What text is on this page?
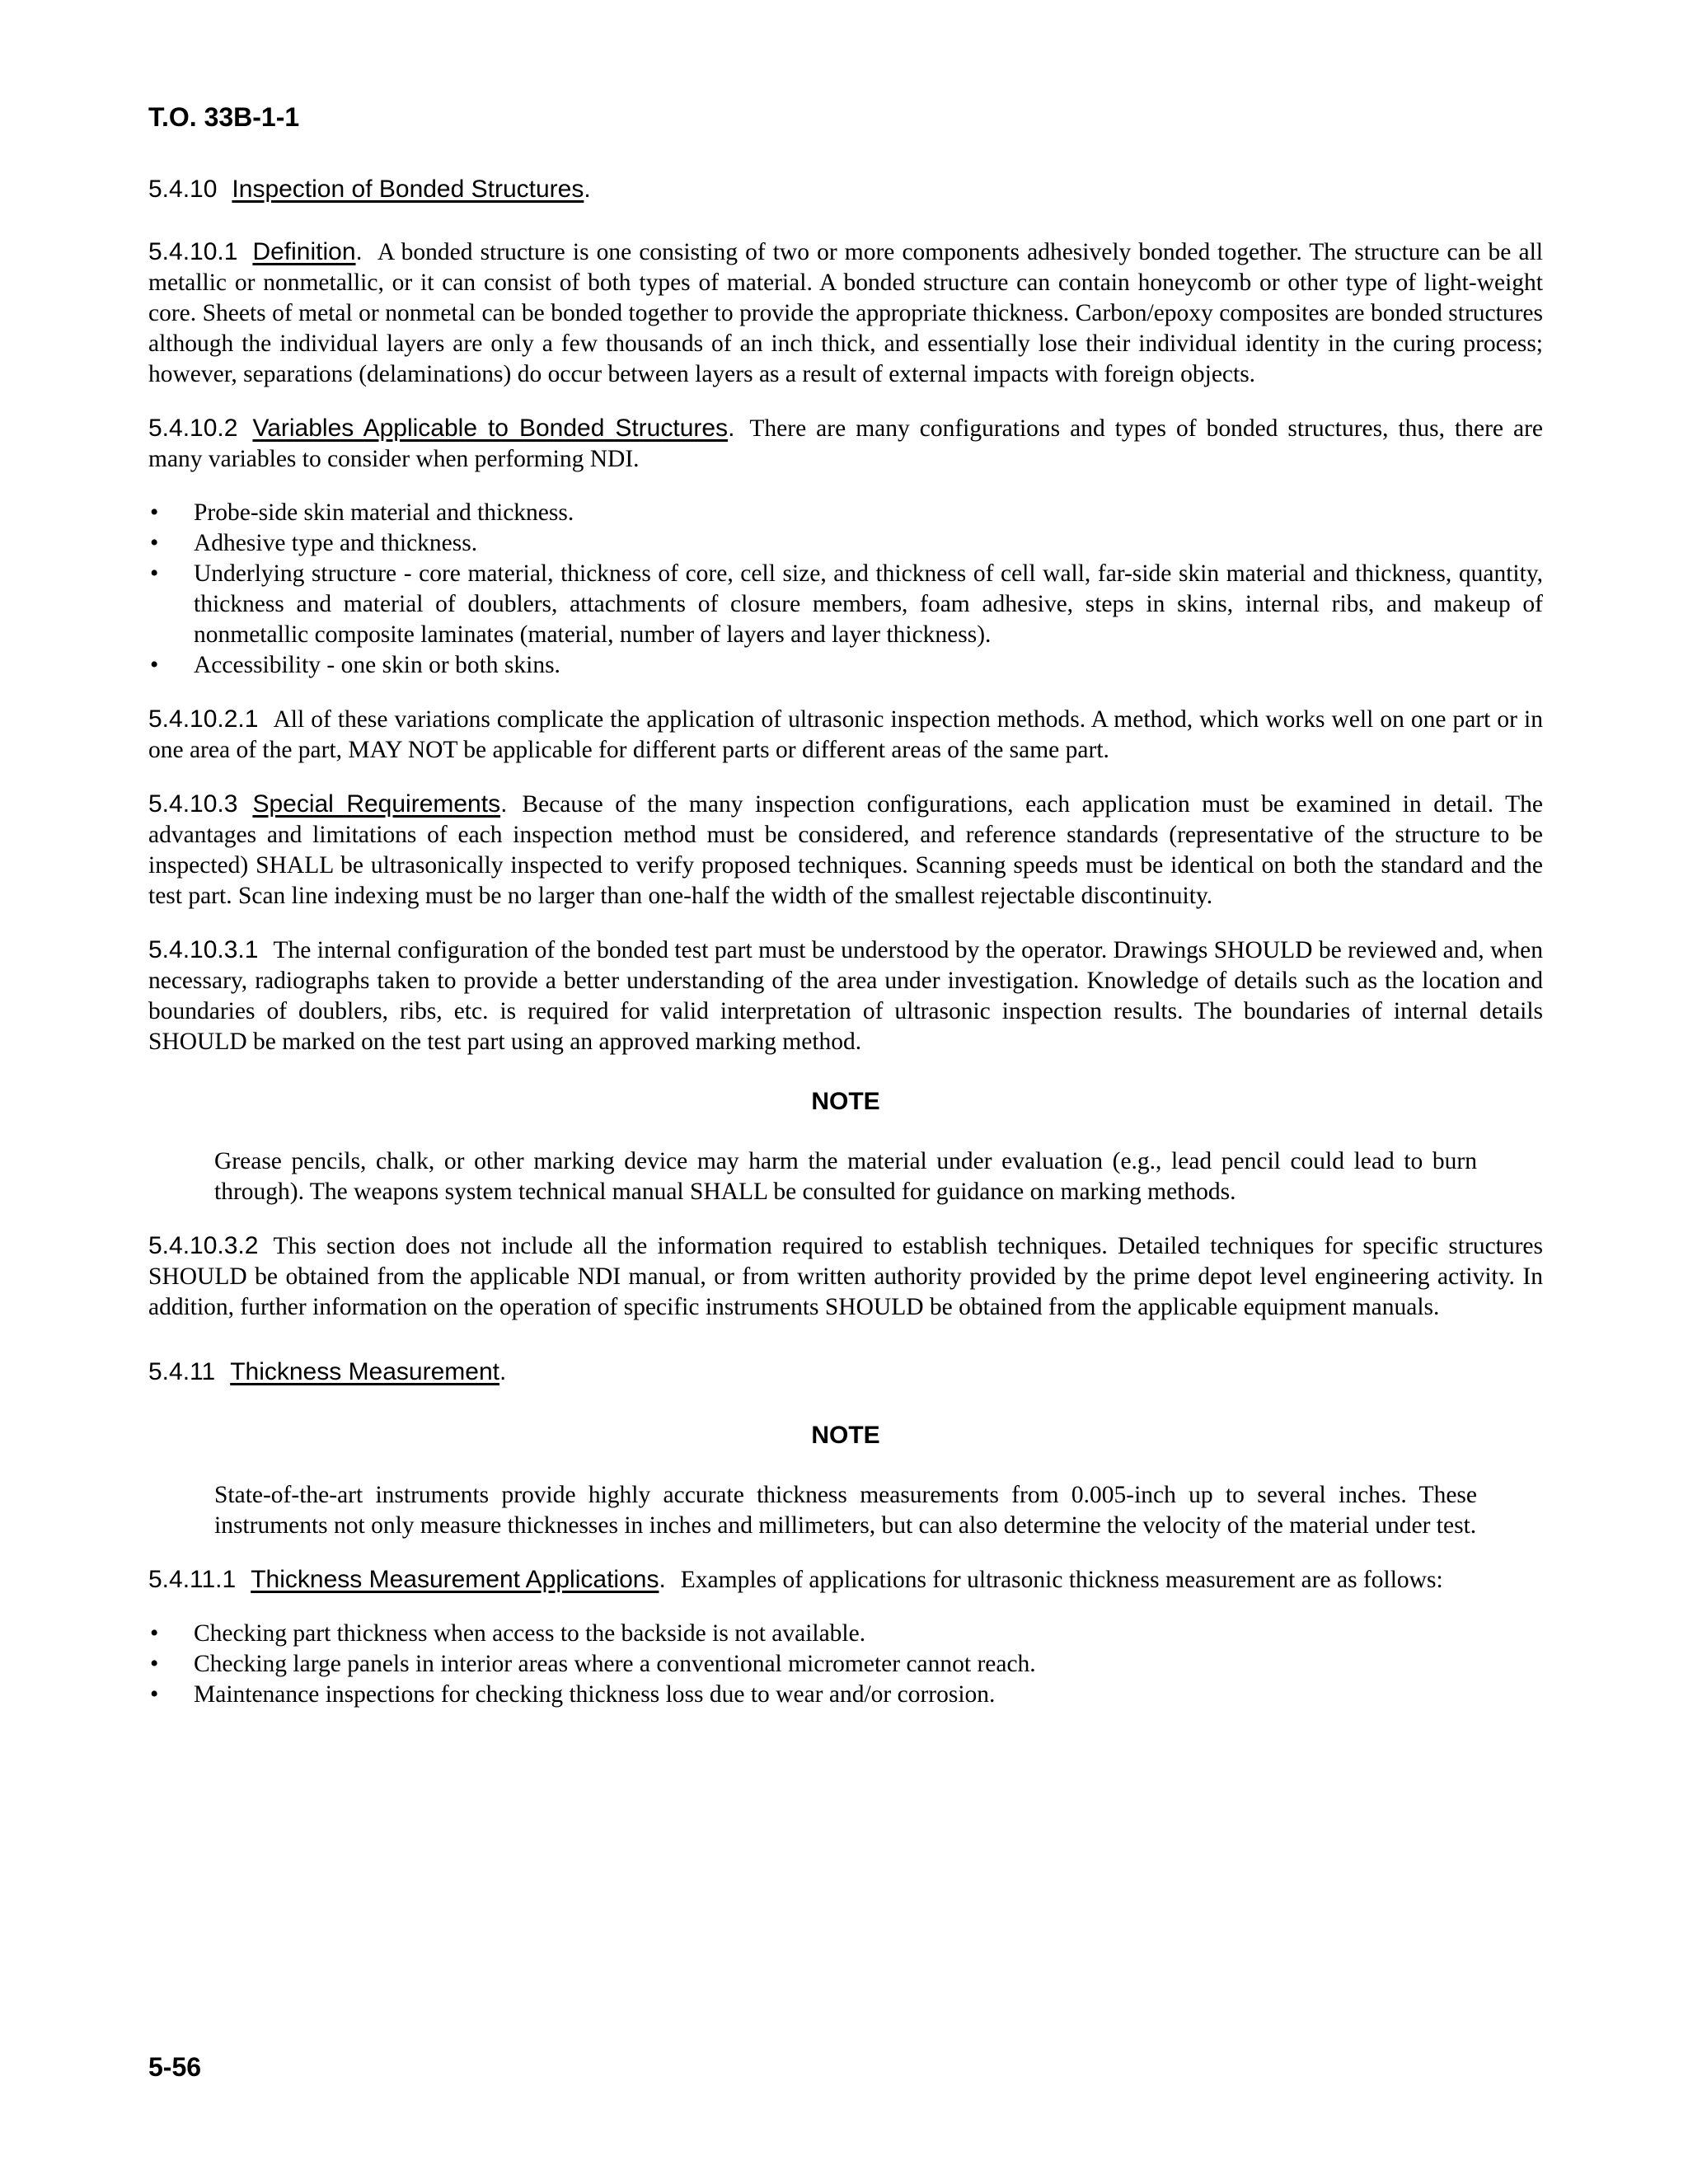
T.O. 33B-1-1

5.4.10 Inspection of Bonded Structures.

5.4.10.1 Definition. A bonded structure is one consisting of two or more components adhesively bonded together. The structure can be all metallic or nonmetallic, or it can consist of both types of material. A bonded structure can contain honeycomb or other type of light-weight core. Sheets of metal or nonmetal can be bonded together to provide the appropriate thickness. Carbon/epoxy composites are bonded structures although the individual layers are only a few thousands of an inch thick, and essentially lose their individual identity in the curing process; however, separations (delaminations) do occur between layers as a result of external impacts with foreign objects.

5.4.10.2 Variables Applicable to Bonded Structures. There are many configurations and types of bonded structures, thus, there are many variables to consider when performing NDI.

• Probe-side skin material and thickness.
• Adhesive type and thickness.
• Underlying structure - core material, thickness of core, cell size, and thickness of cell wall, far-side skin material and thickness, quantity, thickness and material of doublers, attachments of closure members, foam adhesive, steps in skins, internal ribs, and makeup of nonmetallic composite laminates (material, number of layers and layer thickness).
• Accessibility - one skin or both skins.

5.4.10.2.1 All of these variations complicate the application of ultrasonic inspection methods. A method, which works well on one part or in one area of the part, MAY NOT be applicable for different parts or different areas of the same part.

5.4.10.3 Special Requirements. Because of the many inspection configurations, each application must be examined in detail. The advantages and limitations of each inspection method must be considered, and reference standards (representative of the structure to be inspected) SHALL be ultrasonically inspected to verify proposed techniques. Scanning speeds must be identical on both the standard and the test part. Scan line indexing must be no larger than one-half the width of the smallest rejectable discontinuity.

5.4.10.3.1 The internal configuration of the bonded test part must be understood by the operator. Drawings SHOULD be reviewed and, when necessary, radiographs taken to provide a better understanding of the area under investigation. Knowledge of details such as the location and boundaries of doublers, ribs, etc. is required for valid interpretation of ultrasonic inspection results. The boundaries of internal details SHOULD be marked on the test part using an approved marking method.

NOTE

Grease pencils, chalk, or other marking device may harm the material under evaluation (e.g., lead pencil could lead to burn through). The weapons system technical manual SHALL be consulted for guidance on marking methods.

5.4.10.3.2 This section does not include all the information required to establish techniques. Detailed techniques for specific structures SHOULD be obtained from the applicable NDI manual, or from written authority provided by the prime depot level engineering activity. In addition, further information on the operation of specific instruments SHOULD be obtained from the applicable equipment manuals.

5.4.11 Thickness Measurement.

NOTE

State-of-the-art instruments provide highly accurate thickness measurements from 0.005-inch up to several inches. These instruments not only measure thicknesses in inches and millimeters, but can also determine the velocity of the material under test.

5.4.11.1 Thickness Measurement Applications. Examples of applications for ultrasonic thickness measurement are as follows:

• Checking part thickness when access to the backside is not available.
• Checking large panels in interior areas where a conventional micrometer cannot reach.
• Maintenance inspections for checking thickness loss due to wear and/or corrosion.

5-56
